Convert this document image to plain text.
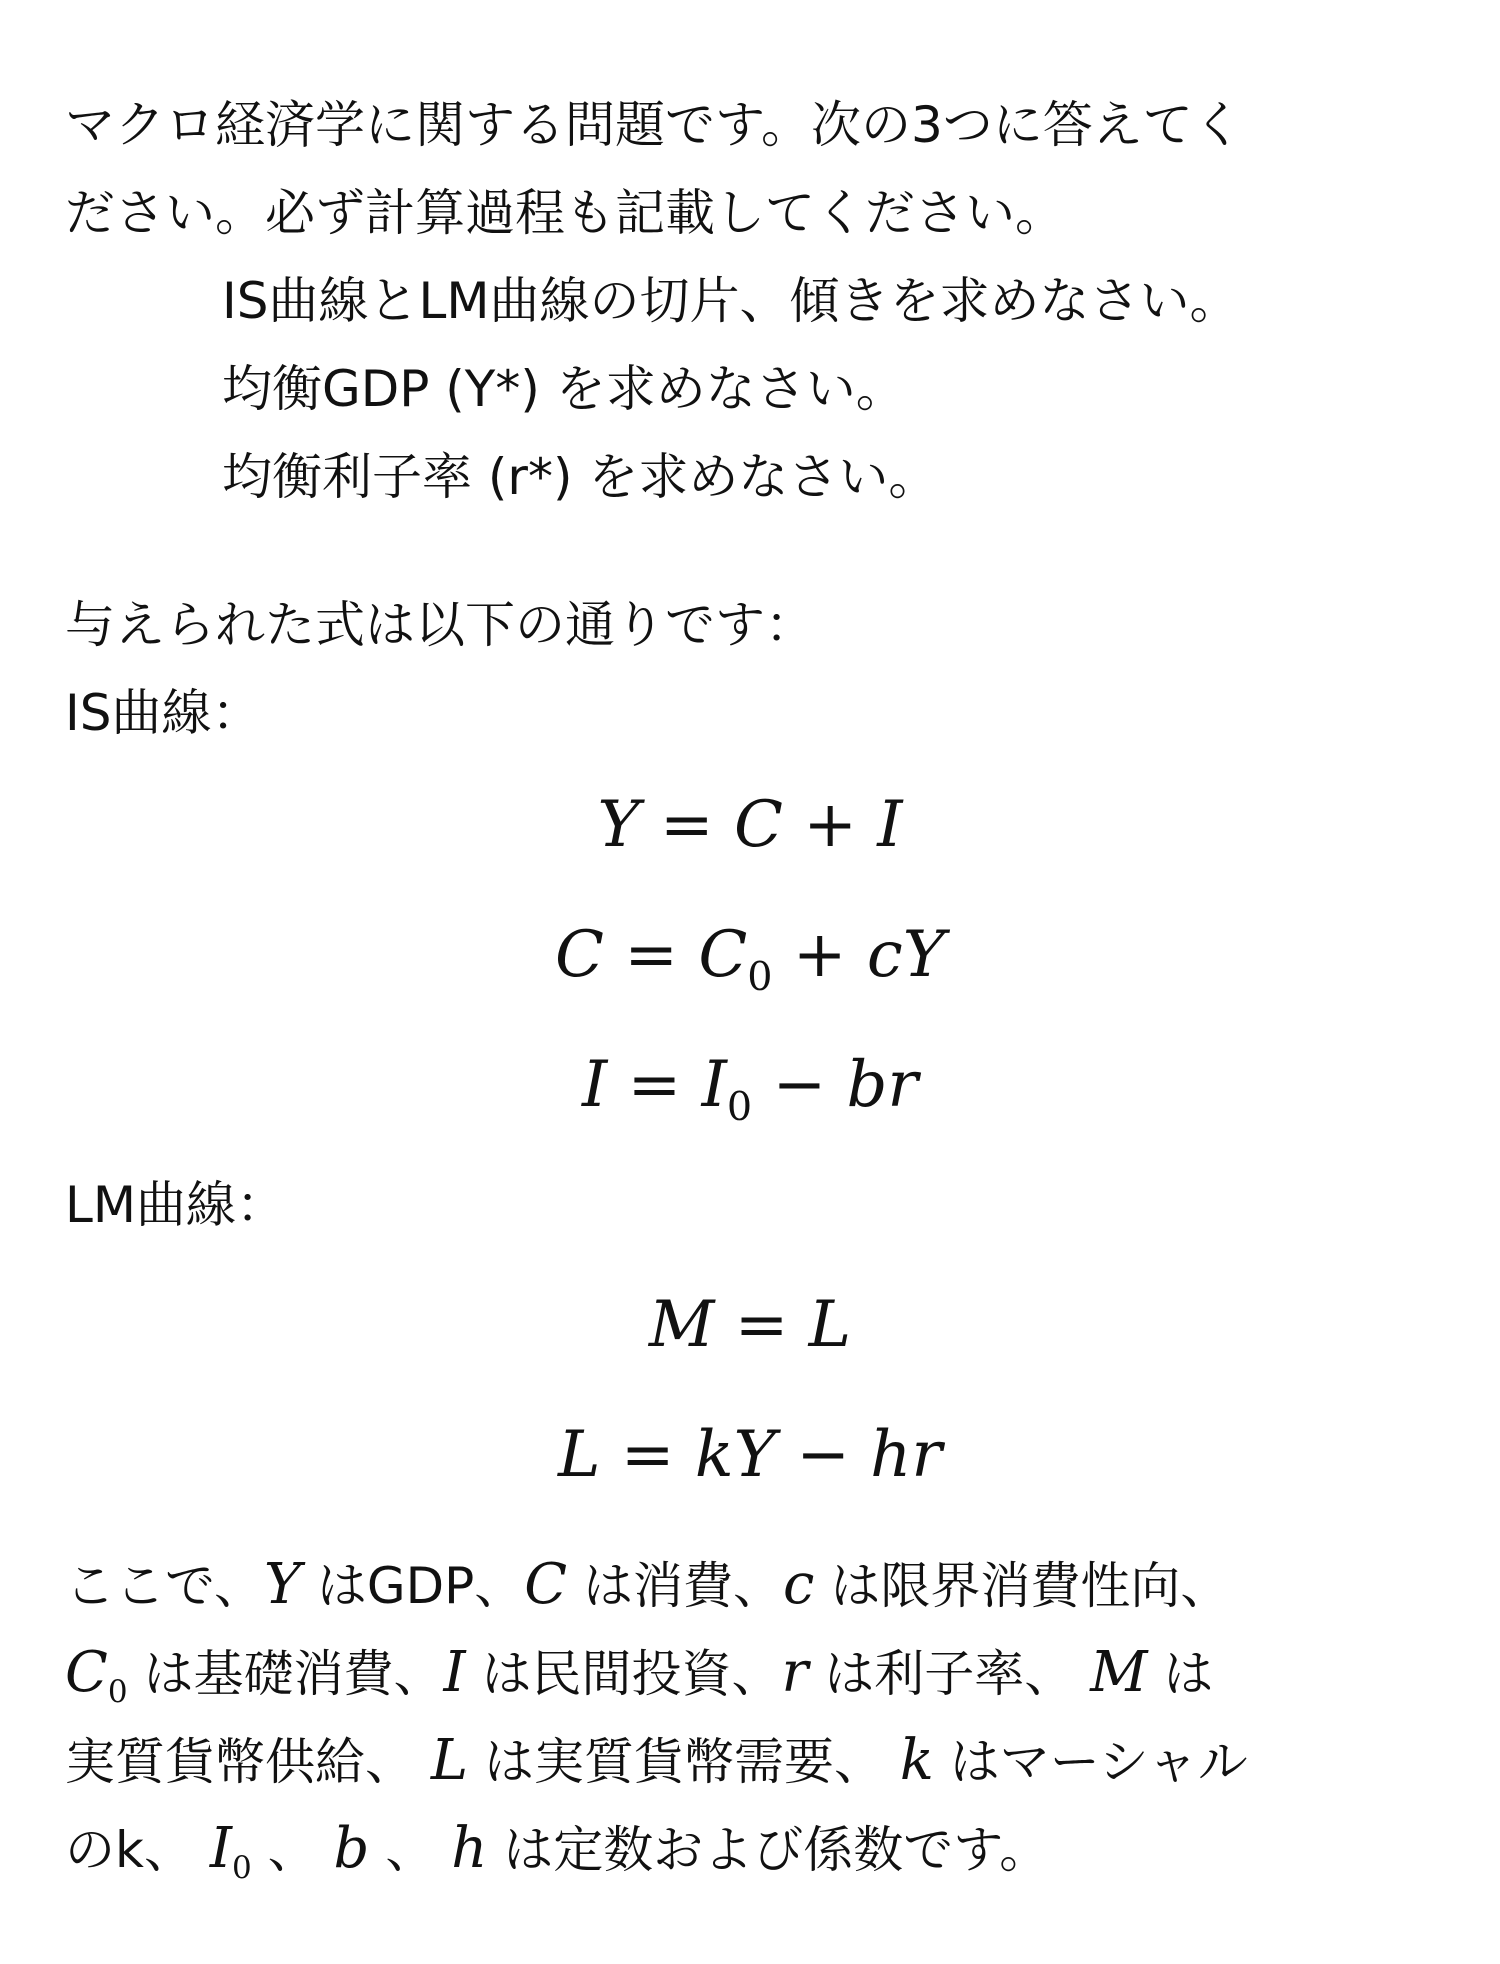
マクロ経済学に関する問題です。次の3つに答えてく
ださい。必ず計算過程も記載してください。
IS曲線とLM曲線の切片、傾きを求めなさい。
均衡GDP (Y*) を求めなさい。
均衡利子率 (r*) を求めなさい。
与えられた式は以下の通りです：
IS曲線：
Y = C + I
$C = C_0$ + cY
$I = I_0$ − br
LM曲線：
M = L
L = kY − hr
ここで、Y はGDP、C は消費、c は限界消費性向、
$C_0$ は基礎消費、I は民間投資、r は利子率、 M は
実質貨幣供給、 L は実質貨幣需要、 k はマーシャル
のk、 $I_0$ 、 b 、 h は定数および係数です。
